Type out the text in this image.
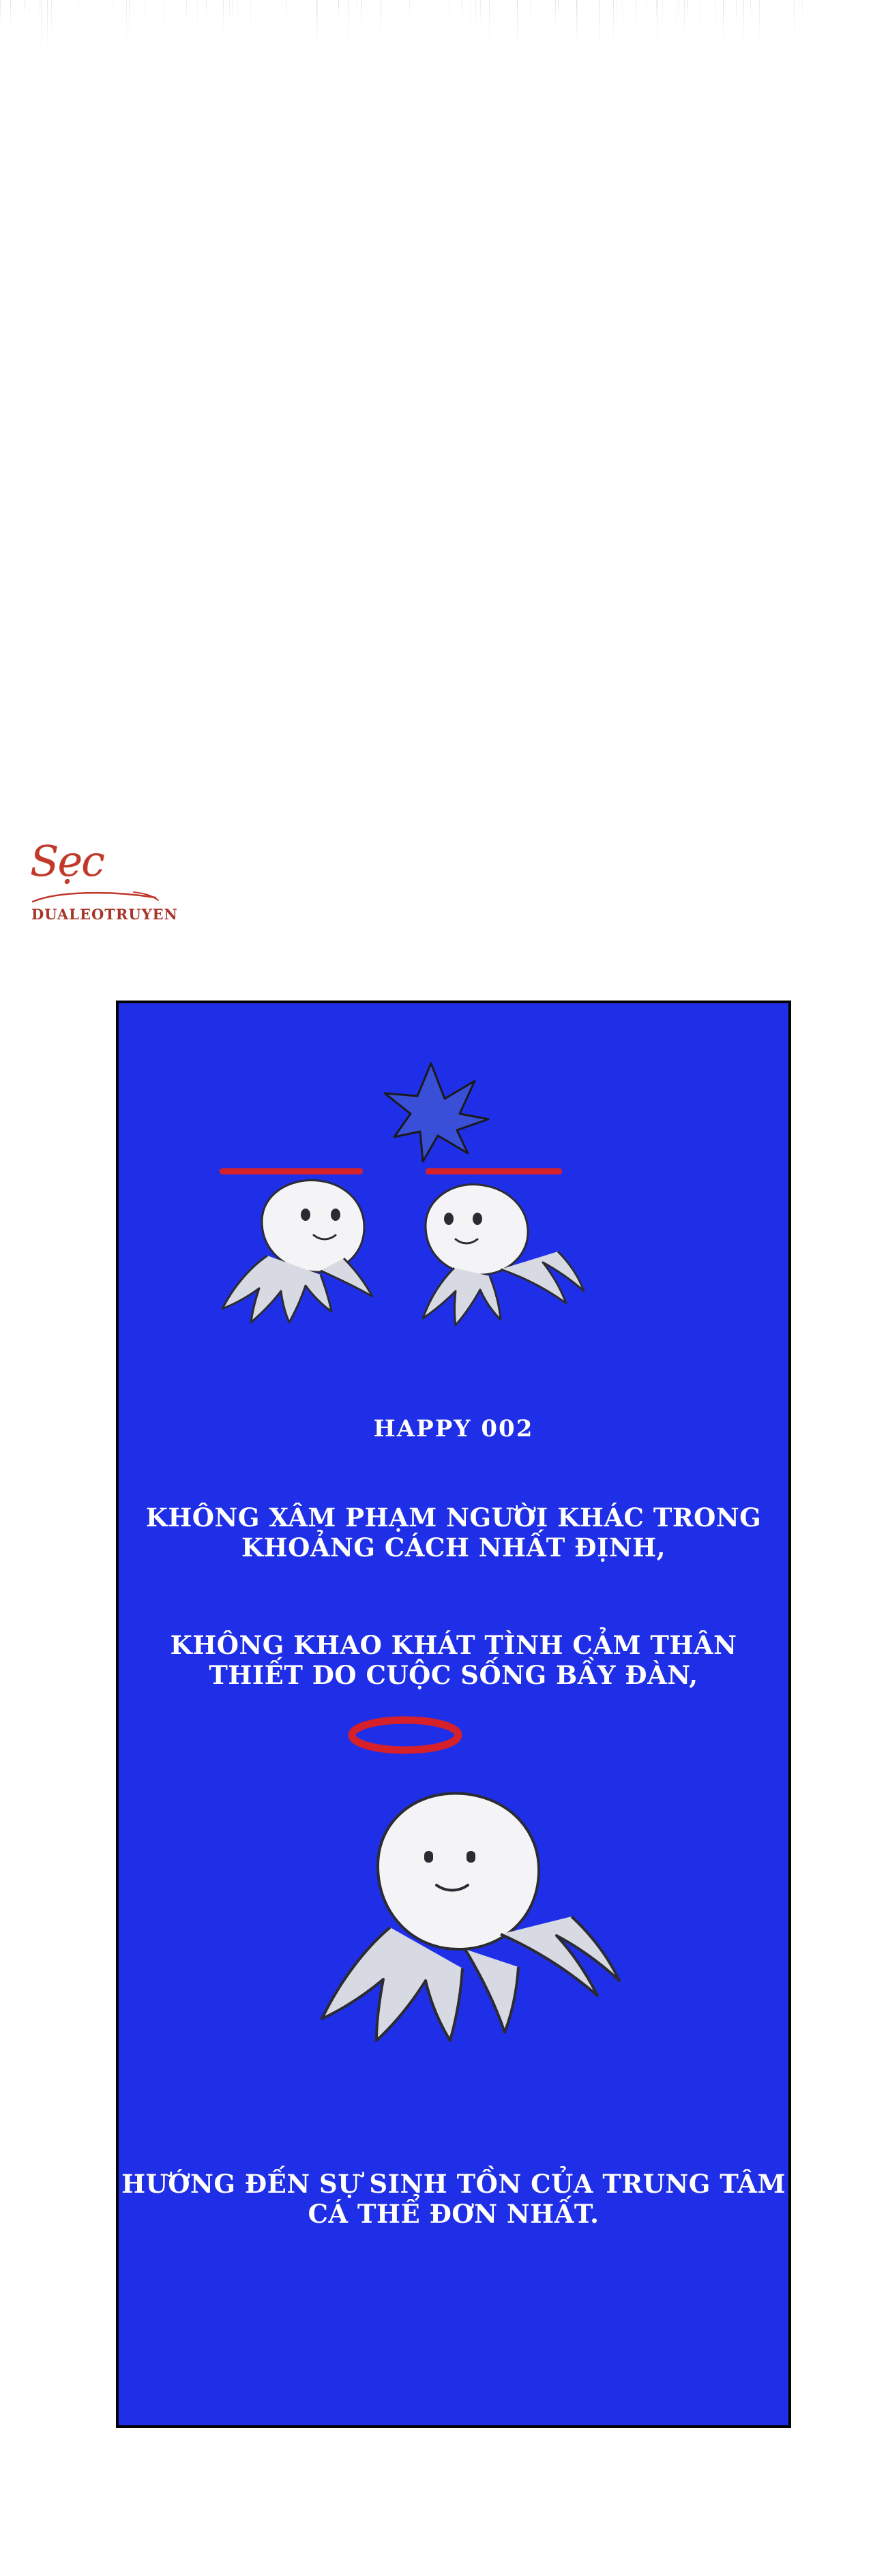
Sẹc
DUALEOTRUYEN
HAPPY 002
KHÔNG XÂM PHẠM NGƯỜI KHÁC TRONG KHOẢNG CÁCH NHẤT ĐỊNH,
KHÔNG KHAO KHÁT TÌNH CẢM THÂN THIẾT DO CUỘC SỐNG BẦY ĐÀN,
HƯỚNG ĐẾN SỰ SINH TỒN CỦA TRUNG TÂM CÁ THỂ ĐƠN NHẤT.
